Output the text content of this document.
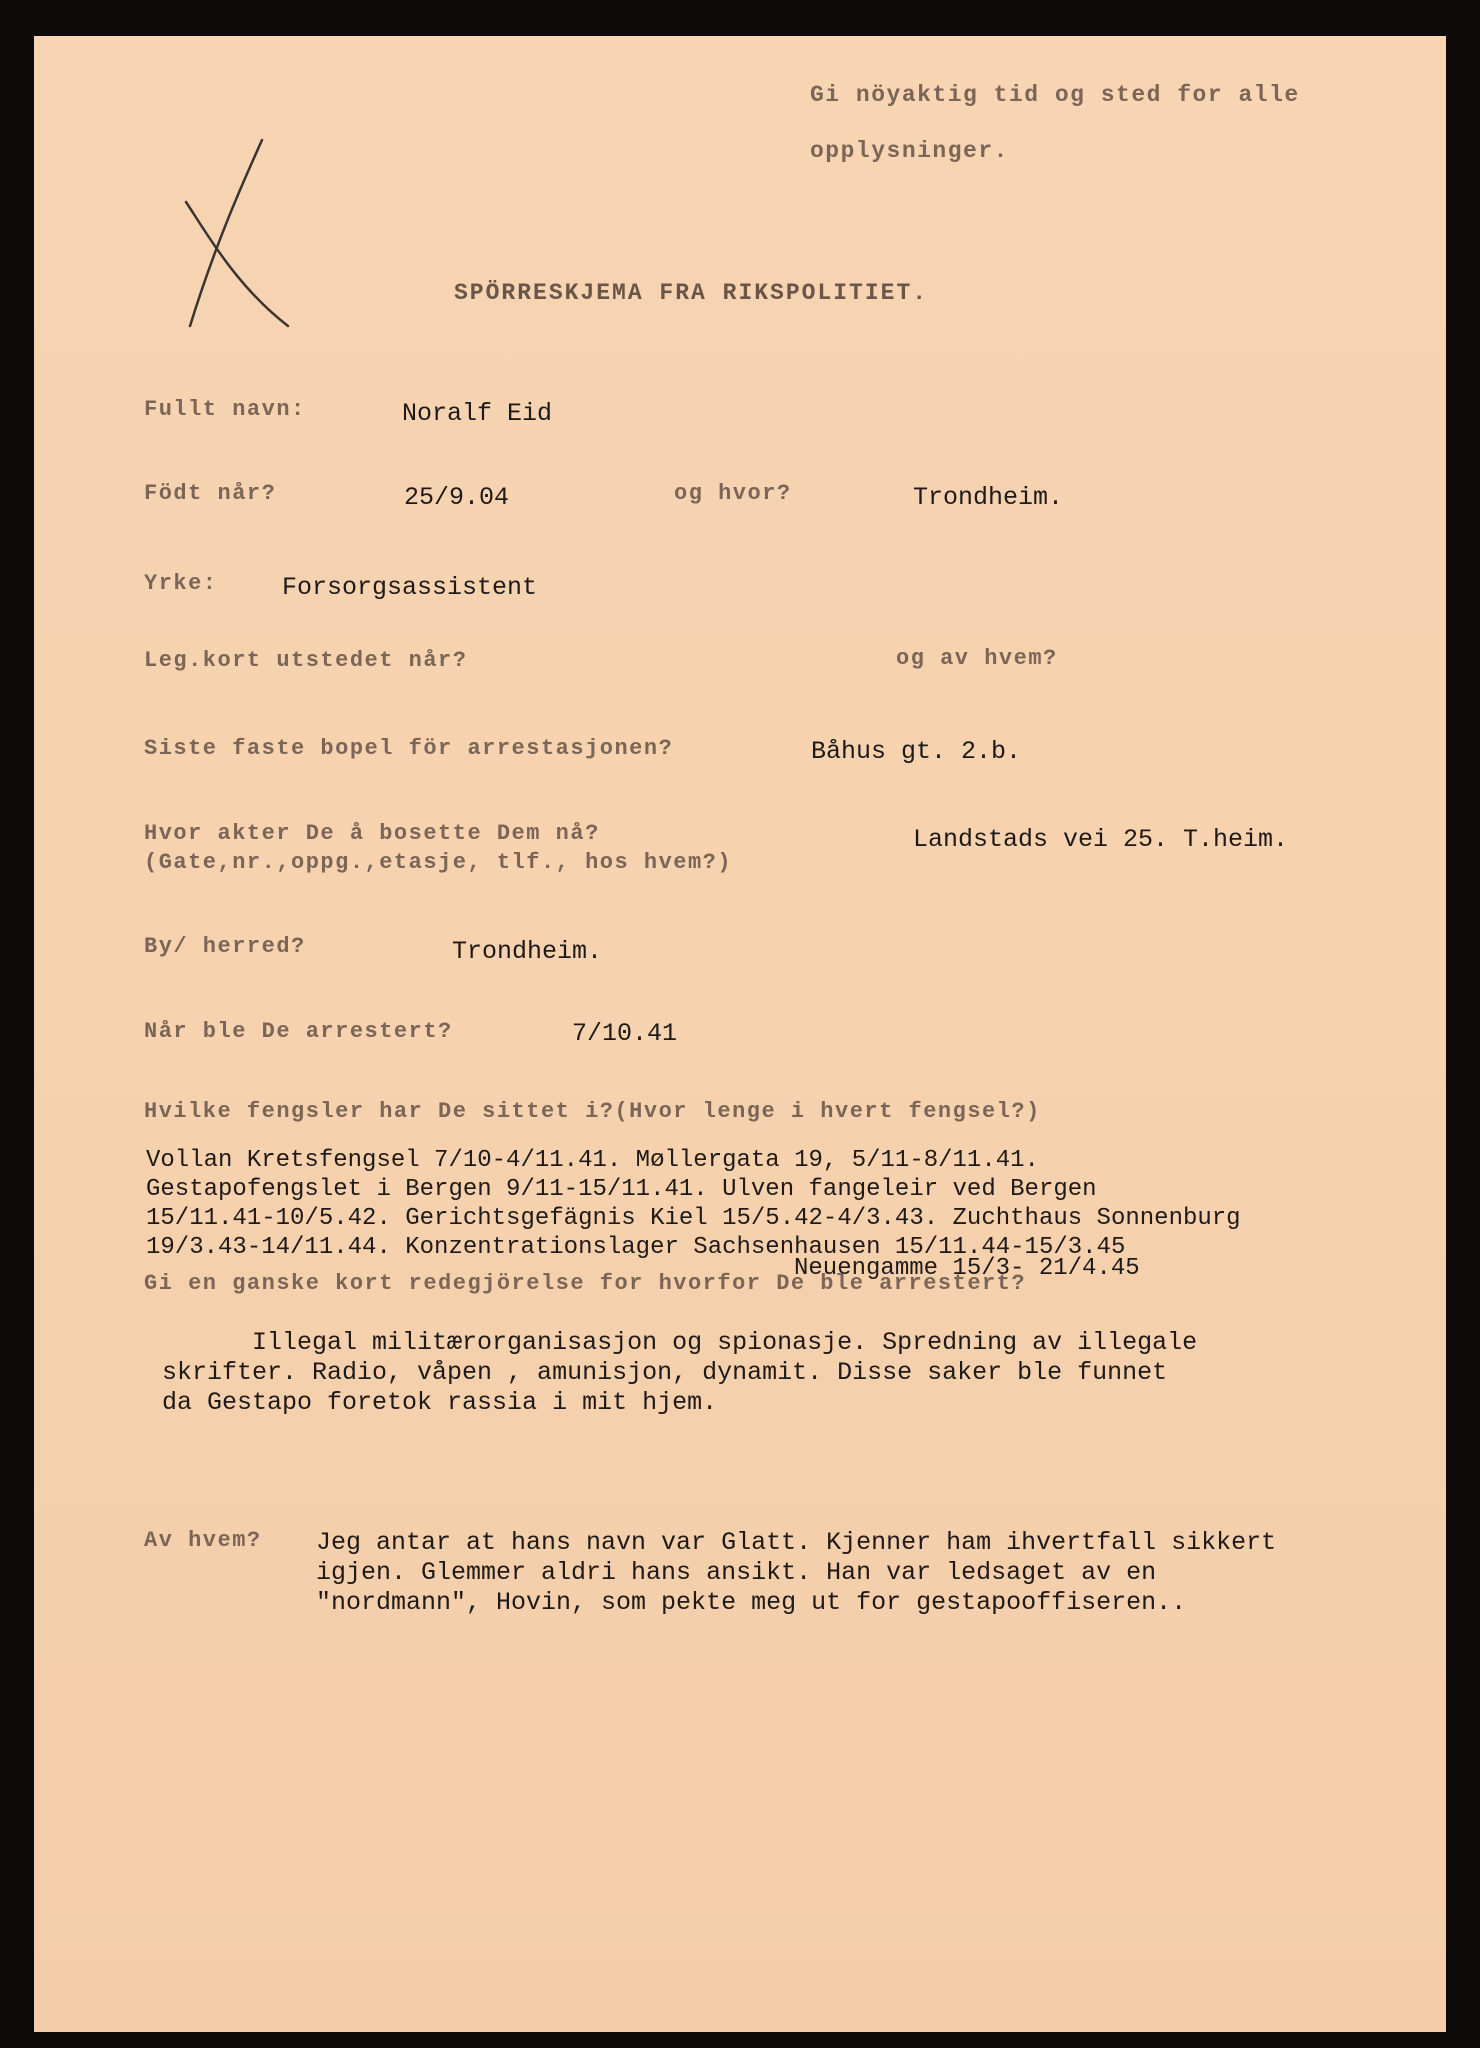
Gi nöyaktig tid og sted for alle
opplysninger.
SPÖRRESKJEMA FRA RIKSPOLITIET.
Fullt navn:	Noralf Eid
Födt når?	25/9.04	og hvor?	Trondheim.
Yrke:	Forsorgsassistent
Leg.kort utstedet når?	og av hvem?
Siste faste bopel för arrestasjonen?	Båhus gt. 2.b.
Hvor akter De å bosette Dem nå?
(Gate,nr.,oppg.,etasje, tlf., hos hvem?)
Landstads vei 25. T.heim.
By/ herred?	Trondheim.
Når ble De arrestert?	7/10.41
Hvilke fengsler har De sittet i?(Hvor lenge i hvert fengsel?)
Vollan Kretsfengsel 7/10-4/11.41. Møllergata 19, 5/11-8/11.41.
Gestapofengslet i Bergen 9/11-15/11.41. Ulven fangeleir ved Bergen
15/11.41-10/5.42. Gerichtsgefägnis Kiel 15/5.42-4/3.43. Zuchthaus Sonnenburg
19/3.43-14/11.44. Konzentrationslager Sachsenhausen 15/11.44-15/3.45
Neuengamme 15/3- 21/4.45
Gi en ganske kort redegjörelse for hvorfor De ble arrestert?
Illegal militærorganisasjon og spionasje. Spredning av illegale
skrifter. Radio, våpen , amunisjon, dynamit. Disse saker ble funnet
da Gestapo foretok rassia i mit hjem.
Av hvem? Jeg antar at hans navn var Glatt. Kjenner ham ihvertfall sikkert
igjen. Glemmer aldri hans ansikt. Han var ledsaget av en
"nordmann", Hovin, som pekte meg ut for gestapooffiseren..
